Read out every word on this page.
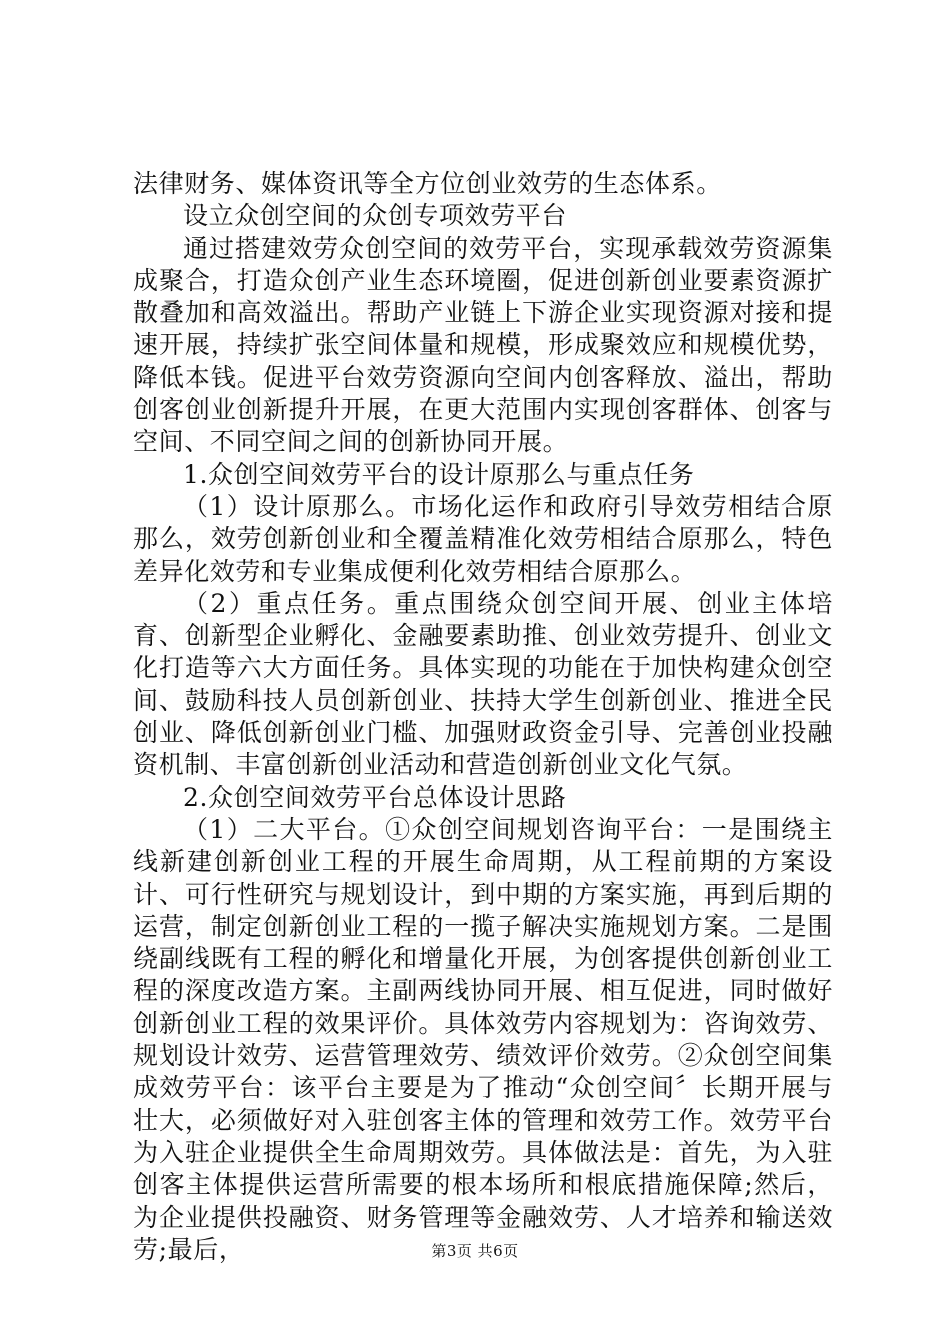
法律财务、媒体资讯等全方位创业效劳的生态体系。

设立众创空间的众创专项效劳平台

通过搭建效劳众创空间的效劳平台，实现承载效劳资源集成聚合，打造众创产业生态环境圈，促进创新创业要素资源扩散叠加和高效溢出。帮助产业链上下游企业实现资源对接和提速开展，持续扩张空间体量和规模，形成聚效应和规模优势，降低本钱。促进平台效劳资源向空间内创客释放、溢出，帮助创客创业创新提升开展，在更大范围内实现创客群体、创客与空间、不同空间之间的创新协同开展。

1.众创空间效劳平台的设计原那么与重点任务

（1）设计原那么。市场化运作和政府引导效劳相结合原那么，效劳创新创业和全覆盖精准化效劳相结合原那么，特色差异化效劳和专业集成便利化效劳相结合原那么。

（2）重点任务。重点围绕众创空间开展、创业主体培育、创新型企业孵化、金融要素助推、创业效劳提升、创业文化打造等六大方面任务。具体实现的功能在于加快构建众创空间、鼓励科技人员创新创业、扶持大学生创新创业、推进全民创业、降低创新创业门槛、加强财政资金引导、完善创业投融资机制、丰富创新创业活动和营造创新创业文化气氛。

2.众创空间效劳平台总体设计思路

（1）二大平台。①众创空间规划咨询平台：一是围绕主线新建创新创业工程的开展生命周期，从工程前期的方案设计、可行性研究与规划设计，到中期的方案实施，再到后期的运营，制定创新创业工程的一揽子解决实施规划方案。二是围绕副线既有工程的孵化和增量化开展，为创客提供创新创业工程的深度改造方案。主副两线协同开展、相互促进，同时做好创新创业工程的效果评价。具体效劳内容规划为：咨询效劳、规划设计效劳、运营管理效劳、绩效评价效劳。②众创空间集成效劳平台：该平台主要是为了推动“众创空间〞长期开展与壮大，必须做好对入驻创客主体的管理和效劳工作。效劳平台为入驻企业提供全生命周期效劳。具体做法是：首先，为入驻创客主体提供运营所需要的根本场所和根底措施保障;然后，为企业提供投融资、财务管理等金融效劳、人才培养和输送效劳;最后，	第3页 共6页
